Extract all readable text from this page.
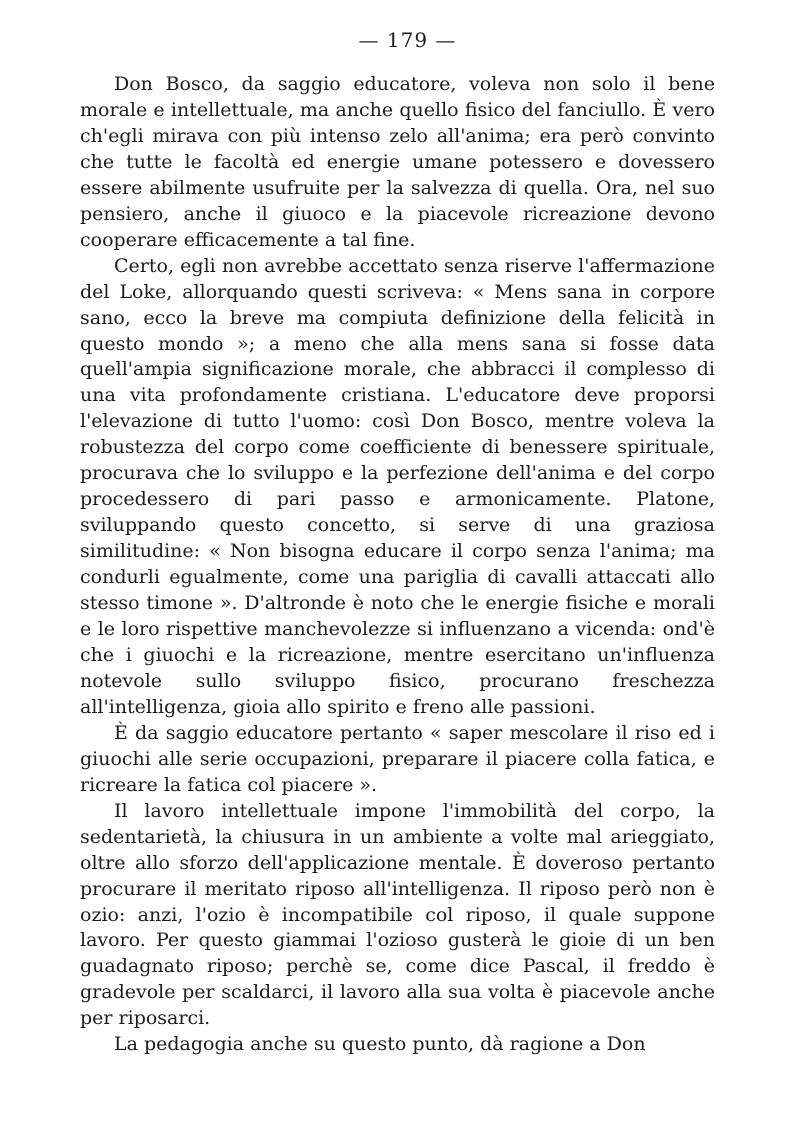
— 179 —

Don Bosco, da saggio educatore, voleva non solo il bene morale e intellettuale, ma anche quello fisico del fanciullo. È vero ch'egli mirava con più intenso zelo all'anima; era però convinto che tutte le facoltà ed energie umane potessero e dovessero essere abilmente usufruite per la salvezza di quella. Ora, nel suo pensiero, anche il giuoco e la piacevole ricreazione devono cooperare efficacemente a tal fine.

Certo, egli non avrebbe accettato senza riserve l'affermazione del Loke, allorquando questi scriveva: « Mens sana in corpore sano, ecco la breve ma compiuta definizione della felicità in questo mondo »; a meno che alla mens sana si fosse data quell'ampia significazione morale, che abbracci il complesso di una vita profondamente cristiana. L'educatore deve proporsi l'elevazione di tutto l'uomo: così Don Bosco, mentre voleva la robustezza del corpo come coefficiente di benessere spirituale, procurava che lo sviluppo e la perfezione dell'anima e del corpo procedessero di pari passo e armonicamente. Platone, sviluppando questo concetto, si serve di una graziosa similitudine: « Non bisogna educare il corpo senza l'anima; ma condurli egualmente, come una pariglia di cavalli attaccati allo stesso timone ». D'altronde è noto che le energie fisiche e morali e le loro rispettive manchevolezze si influenzano a vicenda: ond'è che i giuochi e la ricreazione, mentre esercitano un'influenza notevole sullo sviluppo fisico, procurano freschezza all'intelligenza, gioia allo spirito e freno alle passioni.

È da saggio educatore pertanto « saper mescolare il riso ed i giuochi alle serie occupazioni, preparare il piacere colla fatica, e ricreare la fatica col piacere ».

Il lavoro intellettuale impone l'immobilità del corpo, la sedentarietà, la chiusura in un ambiente a volte mal arieggiato, oltre allo sforzo dell'applicazione mentale. È doveroso pertanto procurare il meritato riposo all'intelligenza. Il riposo però non è ozio: anzi, l'ozio è incompatibile col riposo, il quale suppone lavoro. Per questo giammai l'ozioso gusterà le gioie di un ben guadagnato riposo; perchè se, come dice Pascal, il freddo è gradevole per scaldarci, il lavoro alla sua volta è piacevole anche per riposarci.

La pedagogia anche su questo punto, dà ragione a Don
